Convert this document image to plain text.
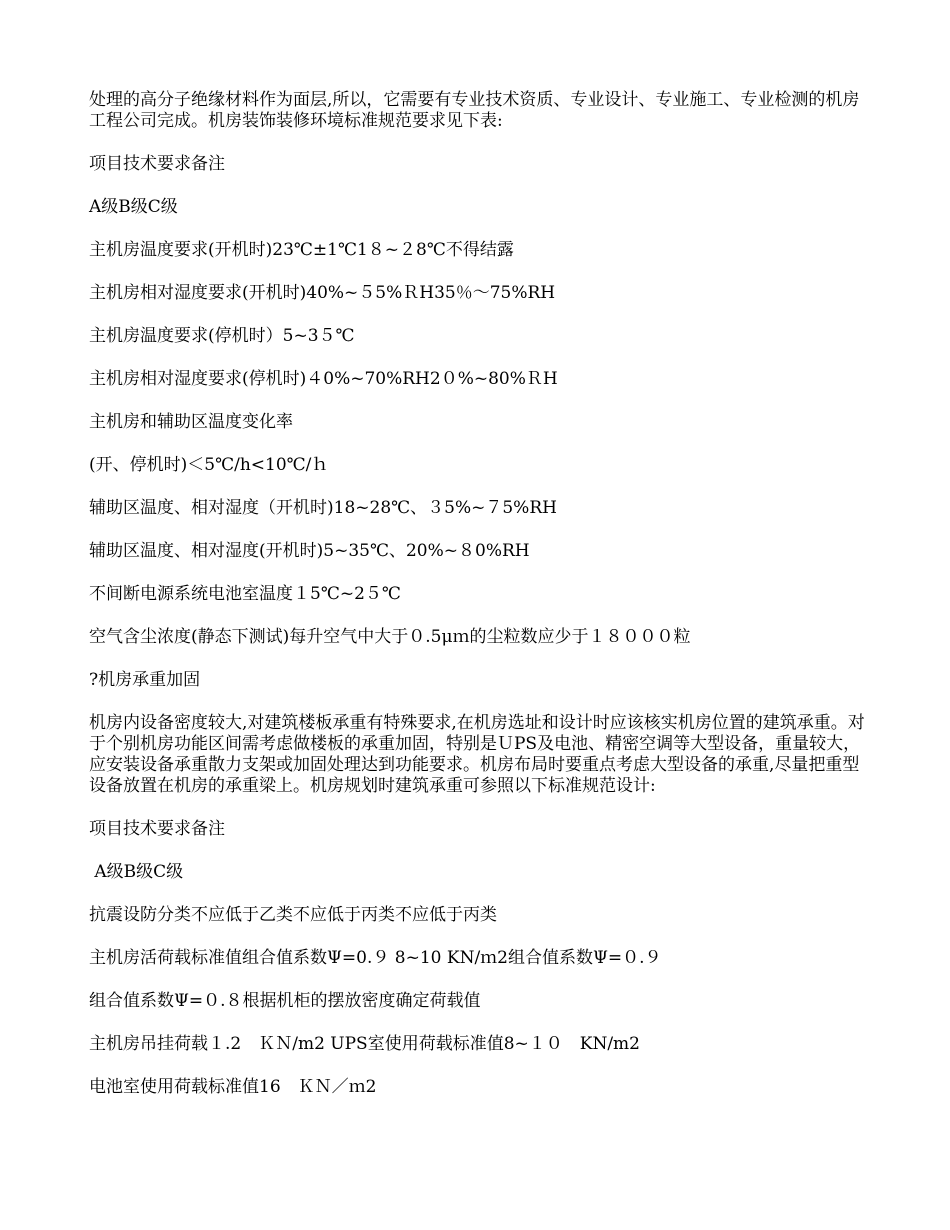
处理的高分子绝缘材料作为面层,所以，它需要有专业技术资质、专业设计、专业施工、专业检测的机房工程公司完成。机房装饰装修环境标准规范要求见下表:

项目技术要求备注

A级B级C级

主机房温度要求(开机时)23℃±1℃1８~２8℃不得结露

主机房相对湿度要求(开机时)40%~５5%ＲH35％～75%RH

主机房温度要求(停机时）5~3５℃

主机房相对湿度要求(停机时)４0%~70%RH2０%~80%ＲH

主机房和辅助区温度变化率

(开、停机时)＜5℃/h<10℃/ｈ

辅助区温度、相对湿度（开机时)18~28℃、３5%~７5%RH

辅助区温度、相对湿度(开机时)5~35℃、20%~８0%RH

不间断电源系统电池室温度１5℃~2５℃

空气含尘浓度(静态下测试)每升空气中大于０.5μｍ的尘粒数应少于１８０００粒

?机房承重加固

机房内设备密度较大,对建筑楼板承重有特殊要求,在机房选址和设计时应该核实机房位置的建筑承重。对于个别机房功能区间需考虑做楼板的承重加固，特别是ＵPS及电池、精密空调等大型设备，重量较大，应安装设备承重散力支架或加固处理达到功能要求。机房布局时要重点考虑大型设备的承重,尽量把重型设备放置在机房的承重梁上。机房规划时建筑承重可参照以下标准规范设计:

项目技术要求备注

A级B级C级

抗震设防分类不应低于乙类不应低于丙类不应低于丙类

主机房活荷载标准值组合值系数Ψ=0.９ 8~10 KN/ｍ2组合值系数Ψ=０.９

组合值系数Ψ=０.８根据机柜的摆放密度确定荷载值

主机房吊挂荷载１.2　ＫＮ/m2 UPS室使用荷载标准值8~１０　KN/m2

电池室使用荷载标准值16　ＫＮ／ｍ2
